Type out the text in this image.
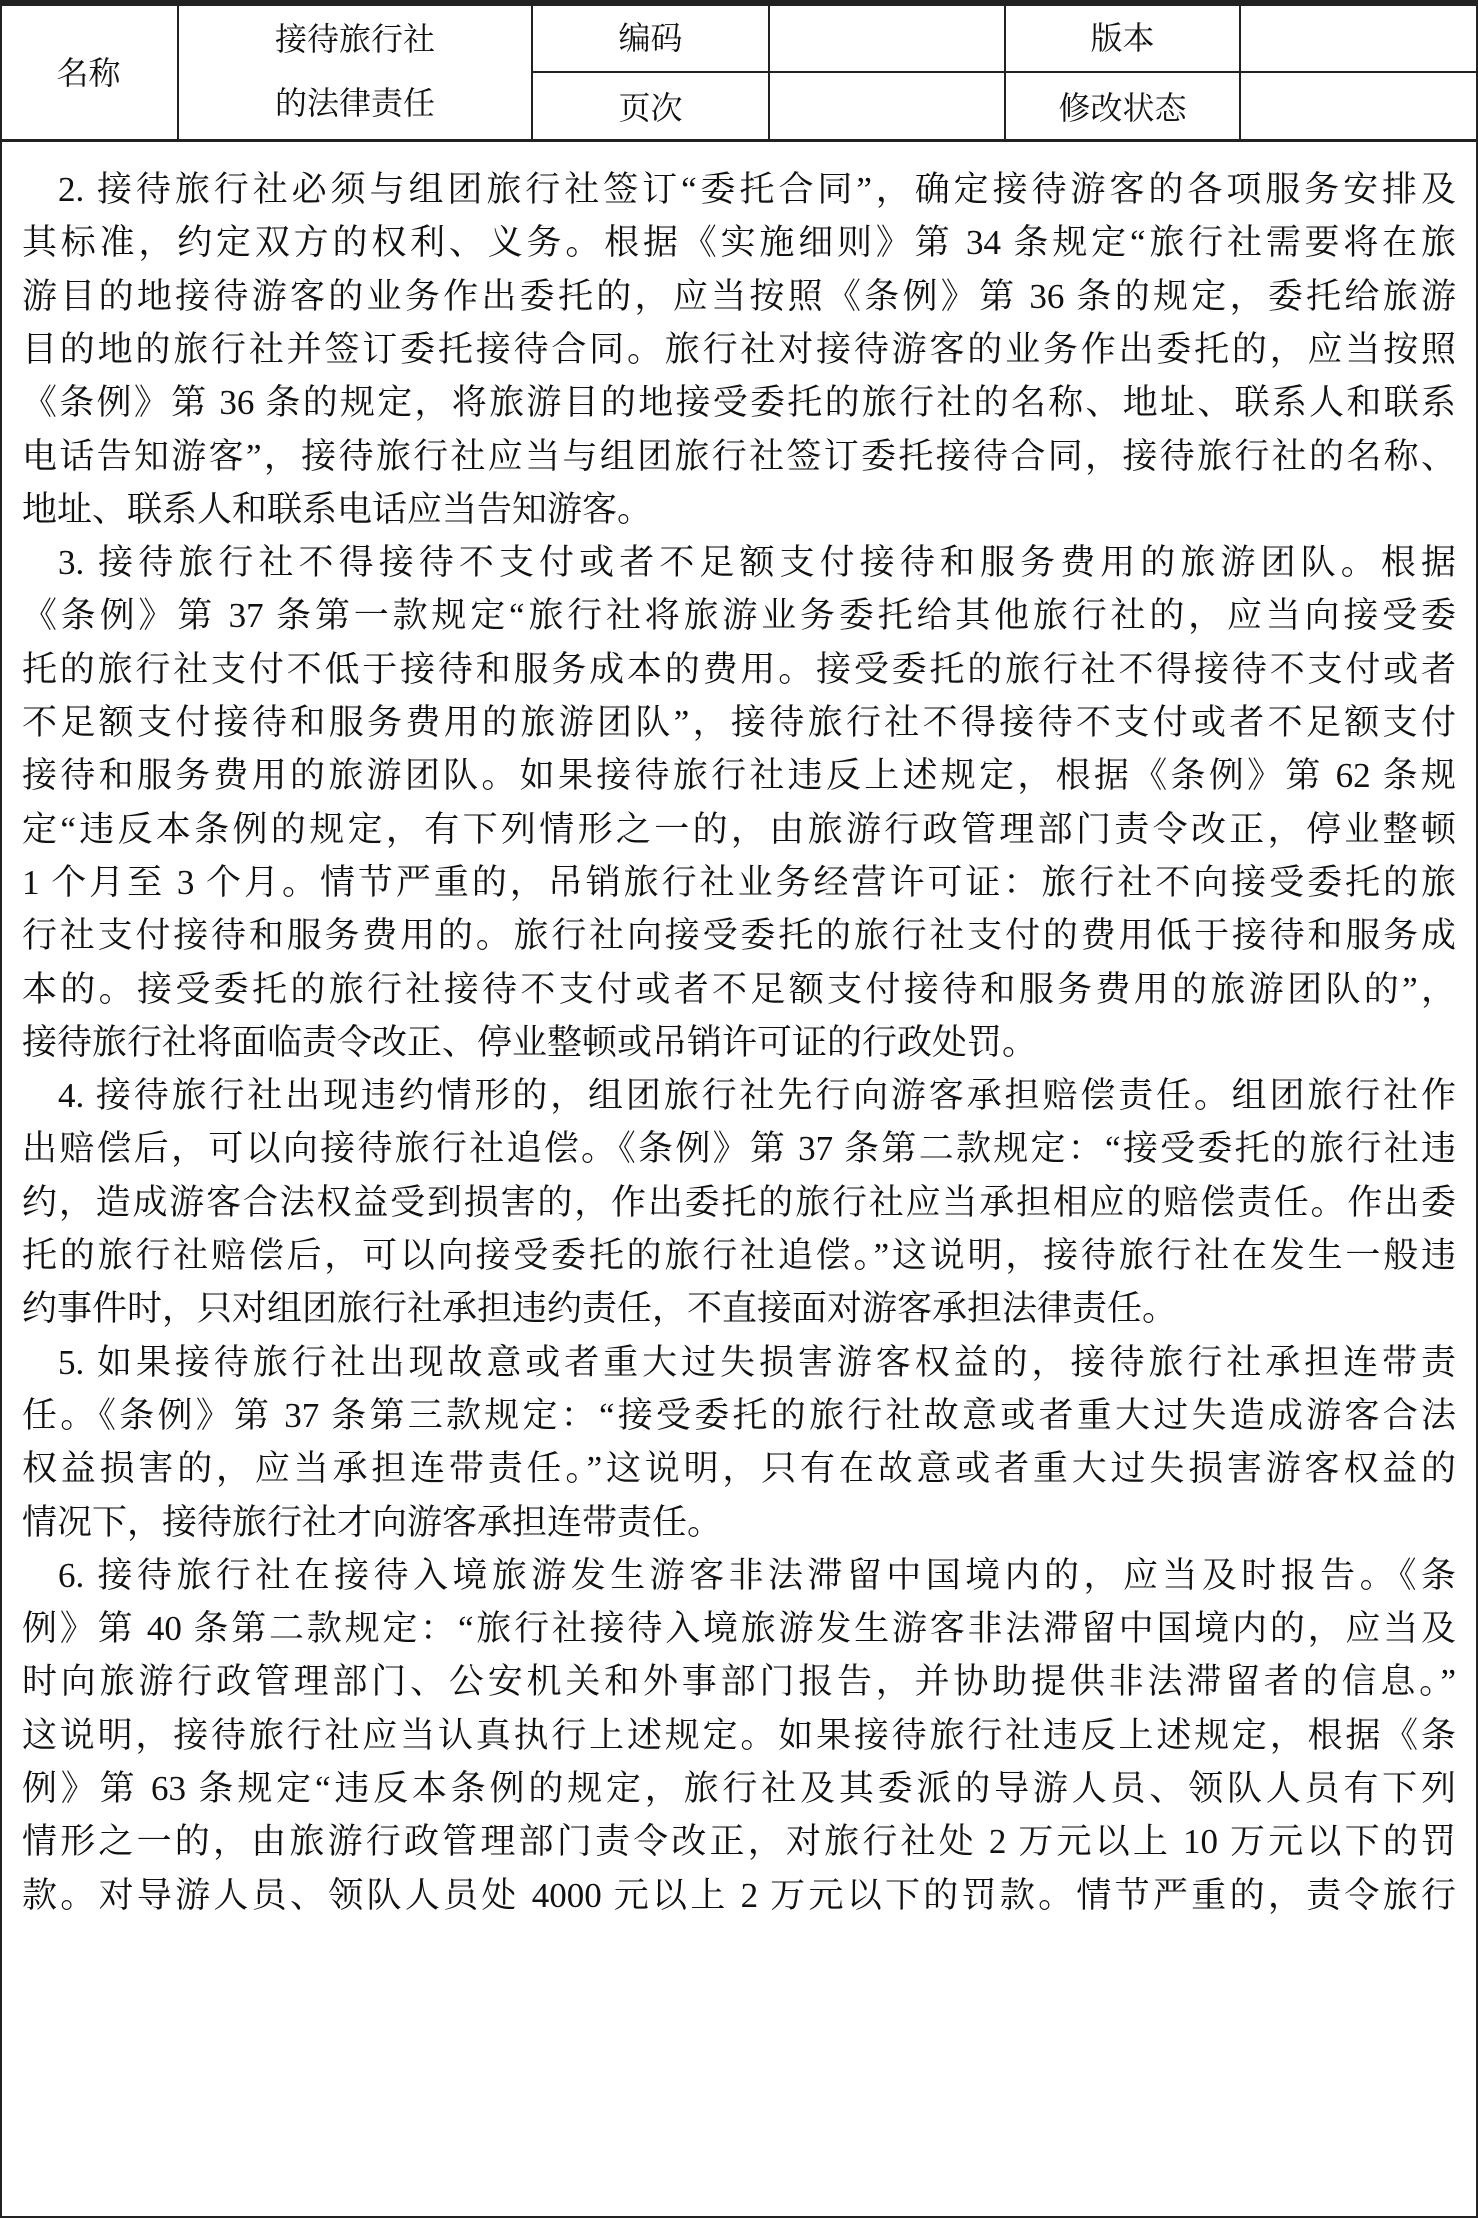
名称
接待旅行社
的法律责任
编码	版本
页次	修改状态
2. 接待旅行社必须与组团旅行社签订“委托合同”，确定接待游客的各项服务安排及
其标准，约定双方的权利、义务。根据《实施细则》第 34 条规定“旅行社需要将在旅
游目的地接待游客的业务作出委托的，应当按照《条例》第 36 条的规定，委托给旅游
目的地的旅行社并签订委托接待合同。旅行社对接待游客的业务作出委托的，应当按照
《条例》第 36 条的规定，将旅游目的地接受委托的旅行社的名称、地址、联系人和联系
电话告知游客”，接待旅行社应当与组团旅行社签订委托接待合同，接待旅行社的名称、
地址、联系人和联系电话应当告知游客。
3. 接待旅行社不得接待不支付或者不足额支付接待和服务费用的旅游团队。根据
《条例》第 37 条第一款规定“旅行社将旅游业务委托给其他旅行社的，应当向接受委
托的旅行社支付不低于接待和服务成本的费用。接受委托的旅行社不得接待不支付或者
不足额支付接待和服务费用的旅游团队”，接待旅行社不得接待不支付或者不足额支付
接待和服务费用的旅游团队。如果接待旅行社违反上述规定，根据《条例》第 62 条规
定“违反本条例的规定，有下列情形之一的，由旅游行政管理部门责令改正，停业整顿
1 个月至 3 个月。情节严重的，吊销旅行社业务经营许可证：旅行社不向接受委托的旅
行社支付接待和服务费用的。旅行社向接受委托的旅行社支付的费用低于接待和服务成
本的。接受委托的旅行社接待不支付或者不足额支付接待和服务费用的旅游团队的”，
接待旅行社将面临责令改正、停业整顿或吊销许可证的行政处罚。
4. 接待旅行社出现违约情形的，组团旅行社先行向游客承担赔偿责任。组团旅行社作
出赔偿后，可以向接待旅行社追偿。《条例》第 37 条第二款规定：“接受委托的旅行社违
约，造成游客合法权益受到损害的，作出委托的旅行社应当承担相应的赔偿责任。作出委
托的旅行社赔偿后，可以向接受委托的旅行社追偿。”这说明，接待旅行社在发生一般违
约事件时，只对组团旅行社承担违约责任，不直接面对游客承担法律责任。
5. 如果接待旅行社出现故意或者重大过失损害游客权益的，接待旅行社承担连带责
任。《条例》第 37 条第三款规定：“接受委托的旅行社故意或者重大过失造成游客合法
权益损害的，应当承担连带责任。”这说明，只有在故意或者重大过失损害游客权益的
情况下，接待旅行社才向游客承担连带责任。
6. 接待旅行社在接待入境旅游发生游客非法滞留中国境内的，应当及时报告。《条
例》第 40 条第二款规定：“旅行社接待入境旅游发生游客非法滞留中国境内的，应当及
时向旅游行政管理部门、公安机关和外事部门报告，并协助提供非法滞留者的信息。”
这说明，接待旅行社应当认真执行上述规定。如果接待旅行社违反上述规定，根据《条
例》第 63 条规定“违反本条例的规定，旅行社及其委派的导游人员、领队人员有下列
情形之一的，由旅游行政管理部门责令改正，对旅行社处 2 万元以上 10 万元以下的罚
款。对导游人员、领队人员处 4000 元以上 2 万元以下的罚款。情节严重的，责令旅行
